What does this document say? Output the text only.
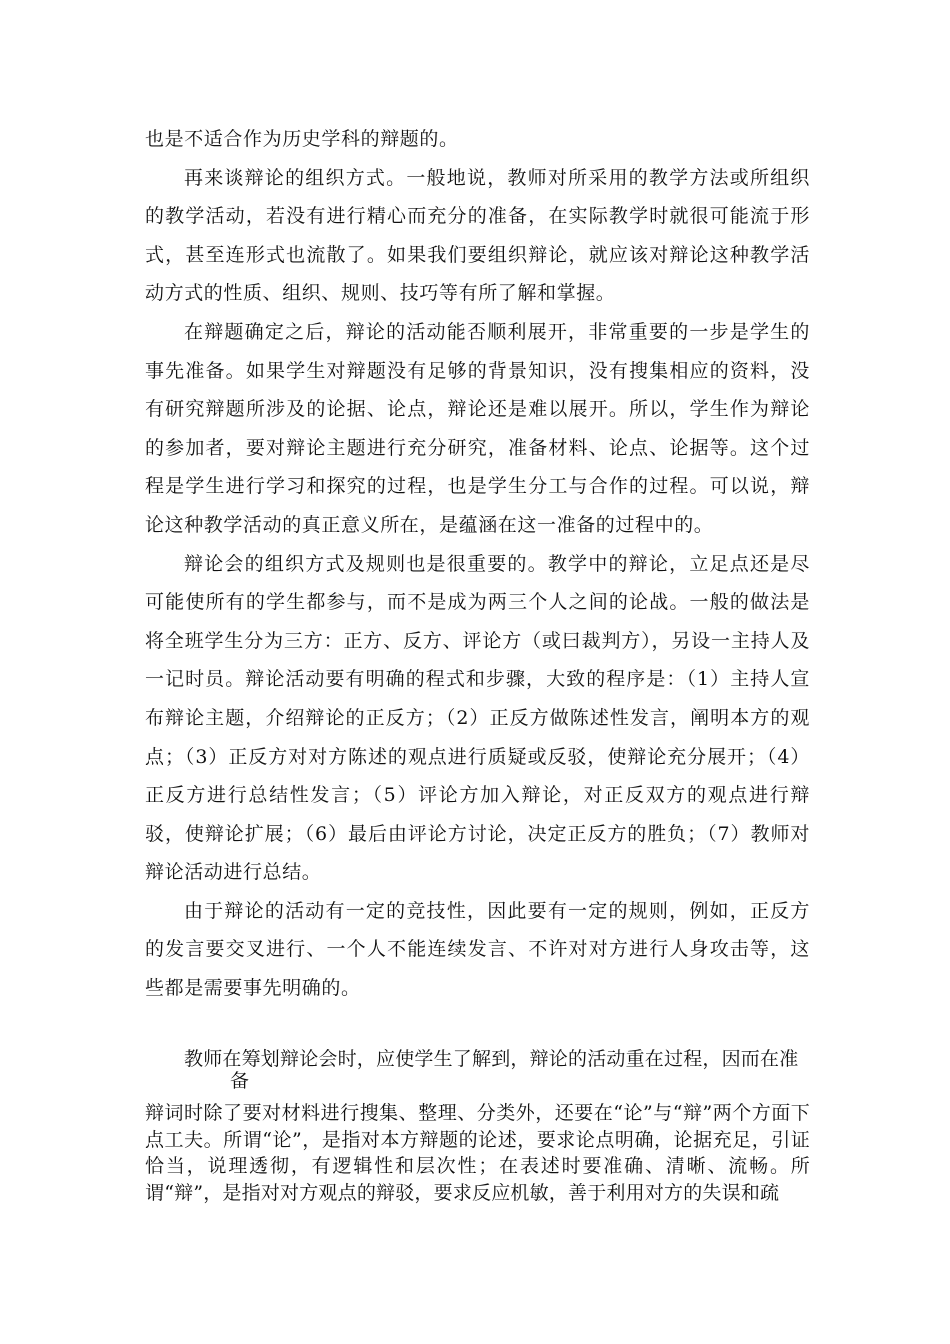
也是不适合作为历史学科的辩题的。

再来谈辩论的组织方式。一般地说，教师对所采用的教学方法或所组织的教学活动，若没有进行精心而充分的准备，在实际教学时就很可能流于形式，甚至连形式也流散了。如果我们要组织辩论，就应该对辩论这种教学活动方式的性质、组织、规则、技巧等有所了解和掌握。

在辩题确定之后，辩论的活动能否顺利展开，非常重要的一步是学生的事先准备。如果学生对辩题没有足够的背景知识，没有搜集相应的资料，没有研究辩题所涉及的论据、论点，辩论还是难以展开。所以，学生作为辩论的参加者，要对辩论主题进行充分研究，准备材料、论点、论据等。这个过程是学生进行学习和探究的过程，也是学生分工与合作的过程。可以说，辩论这种教学活动的真正意义所在，是蕴涵在这一准备的过程中的。

辩论会的组织方式及规则也是很重要的。教学中的辩论，立足点还是尽可能使所有的学生都参与，而不是成为两三个人之间的论战。一般的做法是将全班学生分为三方：正方、反方、评论方（或曰裁判方），另设一主持人及一记时员。辩论活动要有明确的程式和步骤，大致的程序是：（1）主持人宣布辩论主题，介绍辩论的正反方；（2）正反方做陈述性发言，阐明本方的观点；（3）正反方对对方陈述的观点进行质疑或反驳，使辩论充分展开；（4）正反方进行总结性发言；（5）评论方加入辩论，对正反双方的观点进行辩驳，使辩论扩展；（6）最后由评论方讨论，决定正反方的胜负；（7）教师对辩论活动进行总结。

由于辩论的活动有一定的竞技性，因此要有一定的规则，例如，正反方的发言要交叉进行、一个人不能连续发言、不许对对方进行人身攻击等，这些都是需要事先明确的。

教师在筹划辩论会时，应使学生了解到，辩论的活动重在过程，因而在准
备
辩词时除了要对材料进行搜集、整理、分类外，还要在“论”与“辩”两个方面下点工夫。所谓“论”，是指对本方辩题的论述，要求论点明确，论据充足，引证恰当，说理透彻，有逻辑性和层次性；在表述时要准确、清晰、流畅。所谓“辩”，是指对对方观点的辩驳，要求反应机敏，善于利用对方的失误和疏
